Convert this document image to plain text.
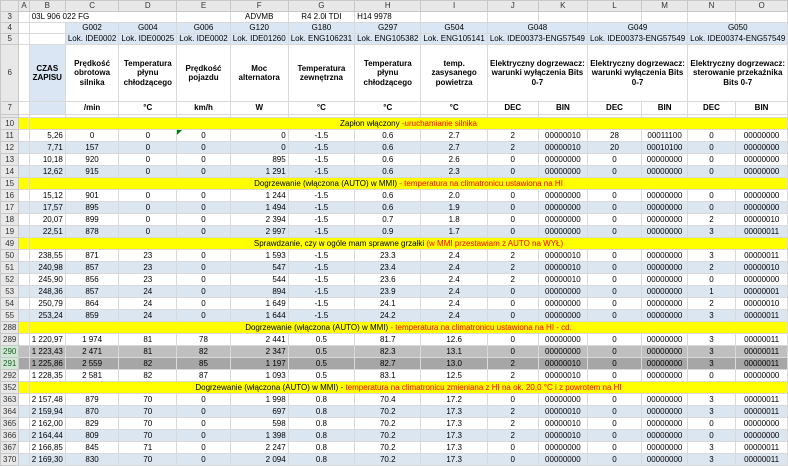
	A	B	C	D	E	F	G	H	I	J	K	L	M	N	O
3		03L 906 022 FG				ADVMB	R4 2.0l TDI	H14 9978							
4			G002	G004	G006	G120	G180	G297	G504	G048		G049		G050	
5			Lok. IDE0002	Lok. IDE00025	Lok. IDE0002	Lok. IDE01260	Lok. ENG106231	Lok. ENG105382	Lok. ENG105141	Lok. IDE00373-ENG57549		Lok. IDE00373-ENG57549		Lok. IDE00374-ENG57549	
6		CZAS ZAPISU	Prędkość obrotowa silnika	Temperatura płynu chłodzącego	Prędkość pojazdu	Moc alternatora	Temperatura zewnętrzna	Temperatura płynu chłodzącego	temp. zasysanego powietrza	Elektryczny dogrzewacz: warunki wyłączenia Bits 0-7		Elektryczny dogrzewacz: warunki wyłączenia Bits 0-7		Elektryczny dogrzewacz: sterowanie przekaźnika Bits 0-7	
7			/min	°C	km/h	W	°C	°C	°C	DEC	BIN	DEC	BIN	DEC	BIN

10		Zapłon włączony -uruchamianie silnika													
11		5,26	0	0	0	0	-1.5	0.6	2.7	2	00000010	28	00011100	0	00000000
12		7,71	157	0	0	0	-1.5	0.6	2.7	2	00000010	20	00010100	0	00000000
13		10,18	920	0	0	895	-1.5	0.6	2.6	0	00000000	0	00000000	0	00000000
14		12,62	915	0	0	1 291	-1.5	0.6	2.3	0	00000000	0	00000000	0	00000000
15		Dogrzewanie (włączona (AUTO) w MMI) - temperatura na climatronicu ustawiona na HI													
16		15,12	901	0	0	1 244	-1.5	0.6	2.0	0	00000000	0	00000000	0	00000000
17		17,57	895	0	0	1 494	-1.5	0.6	1.9	0	00000000	0	00000000	0	00000000
18		20,07	899	0	0	2 394	-1.5	0.7	1.8	0	00000000	0	00000000	2	00000010
19		22,51	878	0	0	2 997	-1.5	0.9	1.7	0	00000000	0	00000000	3	00000011
49		Sprawdzanie, czy w ogóle mam sprawne grzałki (w MMI przestawiam z AUTO na WYŁ)													
50		238,55	871	23	0	1 593	-1.5	23.3	2.4	2	00000010	0	00000000	3	00000011
51		240,98	857	23	0	547	-1.5	23.4	2.4	2	00000010	0	00000000	2	00000010
52		245,90	856	23	0	544	-1.5	23.6	2.4	2	00000010	0	00000000	0	00000000
53		248,36	857	24	0	894	-1.5	23.9	2.4	0	00000000	0	00000000	1	00000001
54		250,79	864	24	0	1 649	-1.5	24.1	2.4	0	00000000	0	00000000	2	00000010
55		253,24	859	24	0	1 644	-1.5	24.2	2.4	0	00000000	0	00000000	3	00000011
288		Dogrzewanie (włączona (AUTO) w MMI) - temperatura na climatronicu ustawiona na HI - cd.													
289		1 220,97	1 974	81	78	2 441	0.5	81.7	12.6	0	00000000	0	00000000	3	00000011
290		1 223,43	2 471	81	82	2 347	0.5	82.3	13.1	0	00000000	0	00000000	3	00000011
291		1 225,86	2 559	82	85	1 197	0.5	82.7	13.0	2	00000010	0	00000000	3	00000011
292		1 228,35	2 581	82	87	1 093	0.5	83.1	12.5	2	00000010	0	00000000	0	00000000
352		Dogrzewanie (włączona (AUTO) w MMI) - temperatura na climatronicu zmieniana z HI na ok. 20,0 °C i z powrotem na HI													
363		2 157,48	879	70	0	1 998	0.8	70.4	17.2	0	00000000	0	00000000	3	00000011
364		2 159,94	870	70	0	697	0.8	70.2	17.3	2	00000010	0	00000000	3	00000011
365		2 162,00	829	70	0	598	0.8	70.2	17.3	2	00000010	0	00000000	0	00000000
366		2 164,44	809	70	0	1 398	0.8	70.2	17.3	2	00000010	0	00000000	0	00000000
367		2 166,85	845	71	0	2 247	0.8	70.2	17.3	0	00000000	0	00000000	3	00000011
370		2 169,30	830	70	0	2 094	0.8	70.2	17.3	0	00000000	0	00000000	3	00000011
